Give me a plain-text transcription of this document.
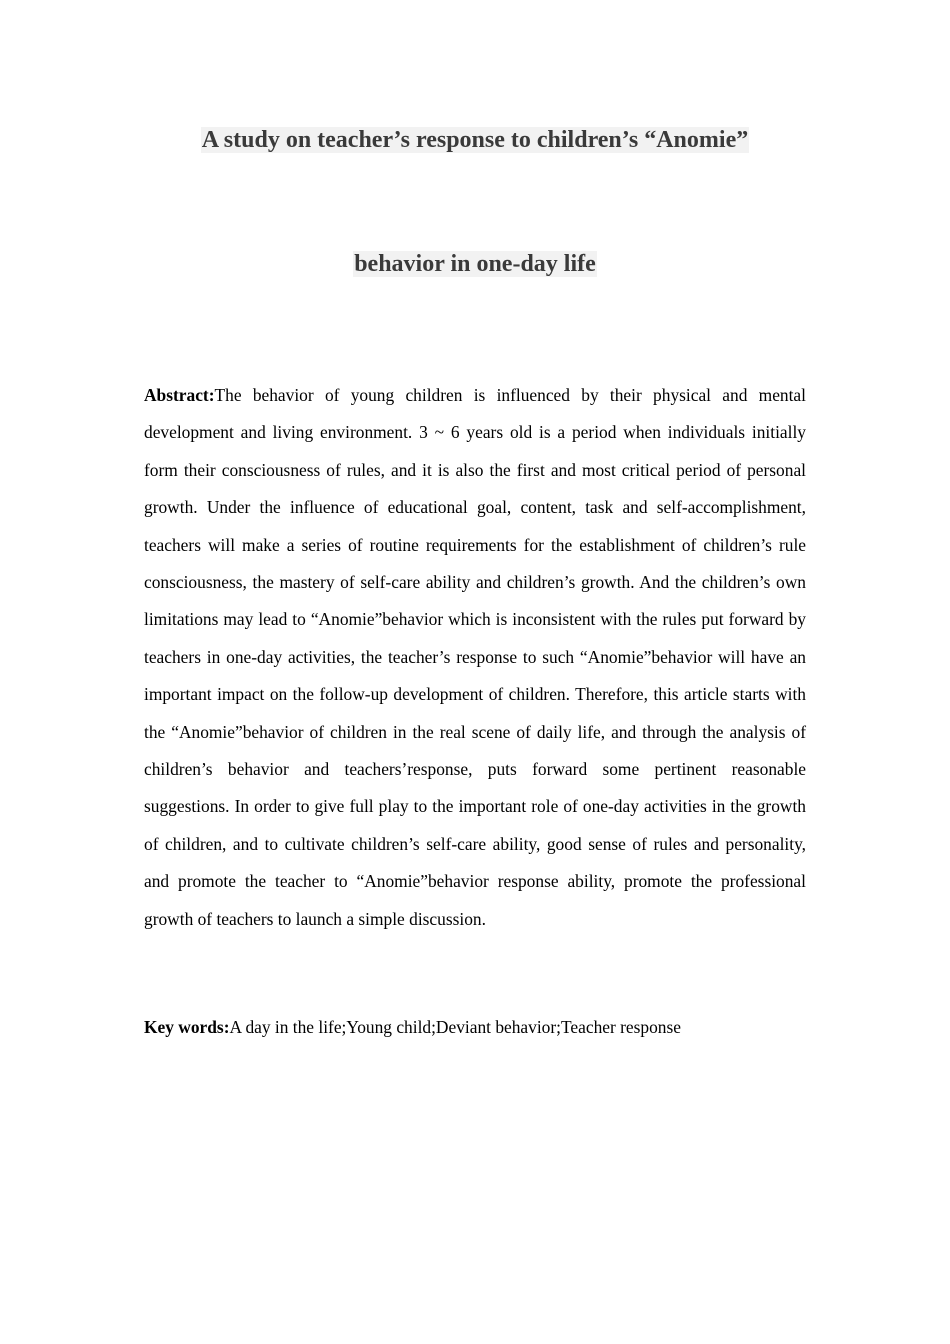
A study on teacher’s response to children’s “Anomie”
behavior in one-day life

Abstract:The behavior of young children is influenced by their physical and mental development and living environment. 3 ~ 6 years old is a period when individuals initially form their consciousness of rules, and it is also the first and most critical period of personal growth. Under the influence of educational goal, content, task and self-accomplishment, teachers will make a series of routine requirements for the establishment of children’s rule consciousness, the mastery of self-care ability and children’s growth. And the children’s own limitations may lead to “Anomie”behavior which is inconsistent with the rules put forward by teachers in one-day activities, the teacher’s response to such “Anomie”behavior will have an important impact on the follow-up development of children. Therefore, this article starts with the “Anomie”behavior of children in the real scene of daily life, and through the analysis of children’s behavior and teachers’response, puts forward some pertinent reasonable suggestions. In order to give full play to the important role of one-day activities in the growth of children, and to cultivate children’s self-care ability, good sense of rules and personality, and promote the teacher to “Anomie”behavior response ability, promote the professional growth of teachers to launch a simple discussion.

Key words:A day in the life;Young child;Deviant behavior;Teacher response
